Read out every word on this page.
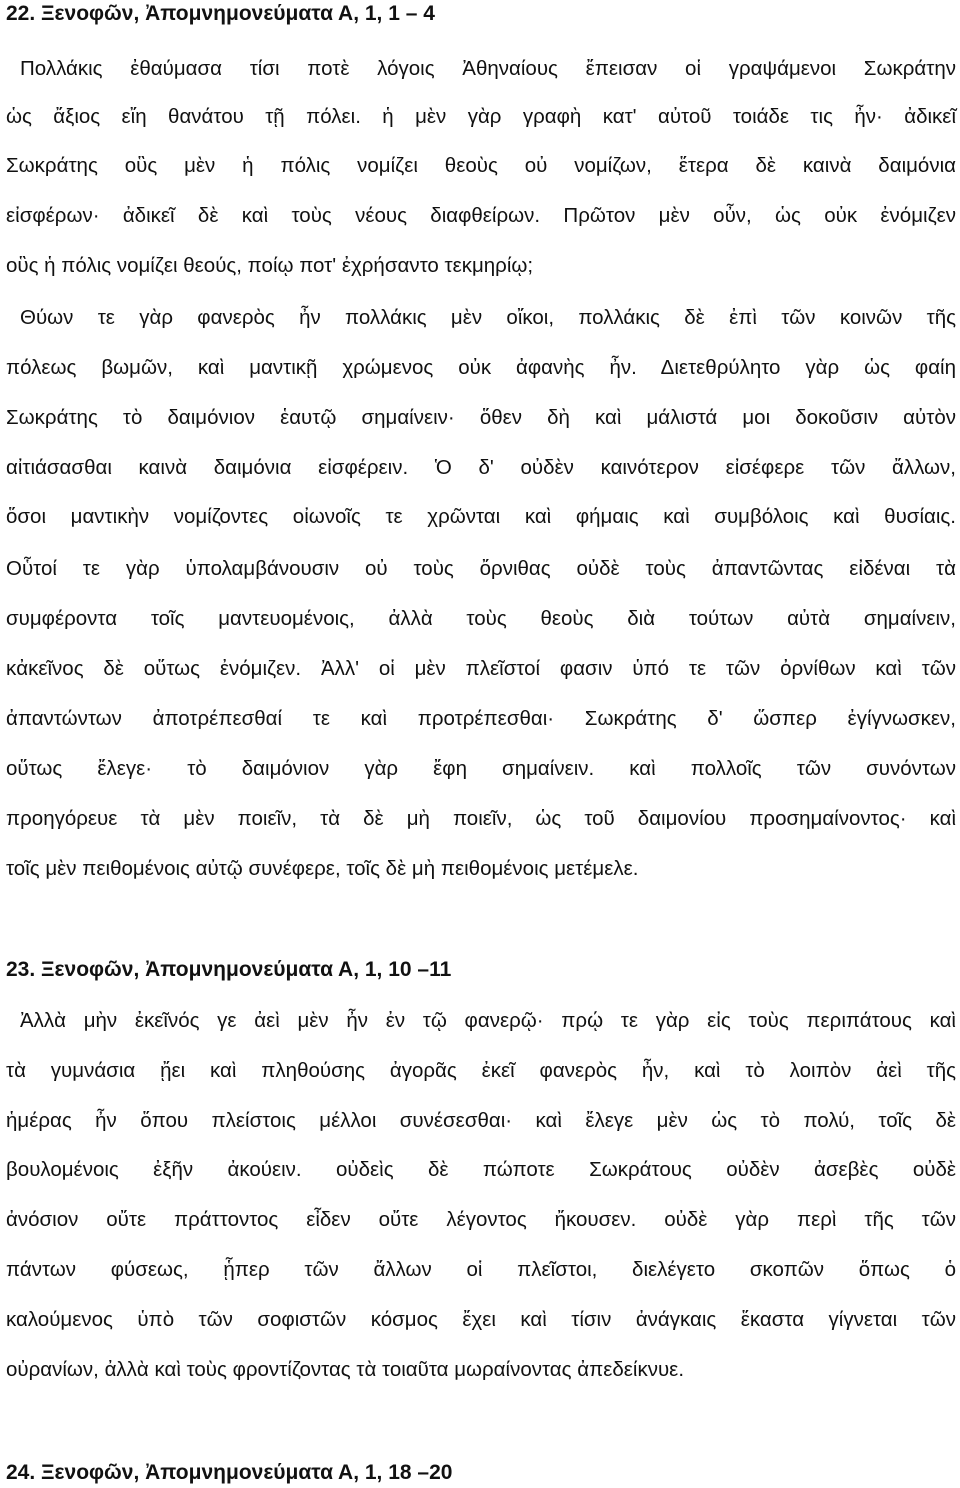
22. Ξενοφῶν, Ἀπομνημονεύματα Α, 1, 1 – 4
Πολλάκις ἐθαύμασα τίσι ποτὲ λόγοις Ἀθηναίους ἔπεισαν οἱ γραψάμενοι Σωκράτην
ὡς ἄξιος εἴη θανάτου τῇ πόλει. ἡ μὲν γὰρ γραφὴ κατ' αὐτοῦ τοιάδε τις ἦν· ἀδικεῖ
Σωκράτης οὓς μὲν ἡ πόλις νομίζει θεοὺς οὐ νομίζων, ἕτερα δὲ καινὰ δαιμόνια
εἰσφέρων· ἀδικεῖ δὲ καὶ τοὺς νέους διαφθείρων. Πρῶτον μὲν οὖν, ὡς οὐκ ἐνόμιζεν
οὓς ἡ πόλις νομίζει θεούς, ποίῳ ποτ' ἐχρήσαντο τεκμηρίῳ;
Θύων τε γὰρ φανερὸς ἦν πολλάκις μὲν οἴκοι, πολλάκις δὲ ἐπὶ τῶν κοινῶν τῆς
πόλεως βωμῶν, καὶ μαντικῇ χρώμενος οὐκ ἀφανὴς ἦν. Διετεθρύλητο γὰρ ὡς φαίη
Σωκράτης τὸ δαιμόνιον ἑαυτῷ σημαίνειν· ὅθεν δὴ καὶ μάλιστά μοι δοκοῦσιν αὐτὸν
αἰτιάσασθαι καινὰ δαιμόνια εἰσφέρειν. Ὁ δ' οὐδὲν καινότερον εἰσέφερε τῶν ἄλλων,
ὅσοι μαντικὴν νομίζοντες οἰωνοῖς τε χρῶνται καὶ φήμαις καὶ συμβόλοις καὶ θυσίαις.
Οὗτοί τε γὰρ ὑπολαμβάνουσιν οὐ τοὺς ὄρνιθας οὐδὲ τοὺς ἀπαντῶντας εἰδέναι τὰ
συμφέροντα τοῖς μαντευομένοις, ἀλλὰ τοὺς θεοὺς διὰ τούτων αὐτὰ σημαίνειν,
κἀκεῖνος δὲ οὕτως ἐνόμιζεν. Ἀλλ' οἱ μὲν πλεῖστοί φασιν ὑπό τε τῶν ὀρνίθων καὶ τῶν
ἀπαντώντων ἀποτρέπεσθαί τε καὶ προτρέπεσθαι· Σωκράτης δ' ὥσπερ ἐγίγνωσκεν,
οὕτως ἔλεγε· τὸ δαιμόνιον γὰρ ἔφη σημαίνειν. καὶ πολλοῖς τῶν συνόντων
προηγόρευε τὰ μὲν ποιεῖν, τὰ δὲ μὴ ποιεῖν, ὡς τοῦ δαιμονίου προσημαίνοντος· καὶ
τοῖς μὲν πειθομένοις αὐτῷ συνέφερε, τοῖς δὲ μὴ πειθομένοις μετέμελε.
23. Ξενοφῶν, Ἀπομνημονεύματα Α, 1, 10 –11
Ἀλλὰ μὴν ἐκεῖνός γε ἀεὶ μὲν ἦν ἐν τῷ φανερῷ· πρῴ τε γὰρ εἰς τοὺς περιπάτους καὶ
τὰ γυμνάσια ᾔει καὶ πληθούσης ἀγορᾶς ἐκεῖ φανερὸς ἦν, καὶ τὸ λοιπὸν ἀεὶ τῆς
ἡμέρας ἦν ὅπου πλείστοις μέλλοι συνέσεσθαι· καὶ ἔλεγε μὲν ὡς τὸ πολύ, τοῖς δὲ
βουλομένοις ἐξῆν ἀκούειν. οὐδεὶς δὲ πώποτε Σωκράτους οὐδὲν ἀσεβὲς οὐδὲ
ἀνόσιον οὔτε πράττοντος εἶδεν οὔτε λέγοντος ἤκουσεν. οὐδὲ γὰρ περὶ τῆς τῶν
πάντων φύσεως, ᾗπερ τῶν ἄλλων οἱ πλεῖστοι, διελέγετο σκοπῶν ὅπως ὁ
καλούμενος ὑπὸ τῶν σοφιστῶν κόσμος ἔχει καὶ τίσιν ἀνάγκαις ἕκαστα γίγνεται τῶν
οὐρανίων, ἀλλὰ καὶ τοὺς φροντίζοντας τὰ τοιαῦτα μωραίνοντας ἀπεδείκνυε.
24. Ξενοφῶν, Ἀπομνημονεύματα Α, 1, 18 –20
